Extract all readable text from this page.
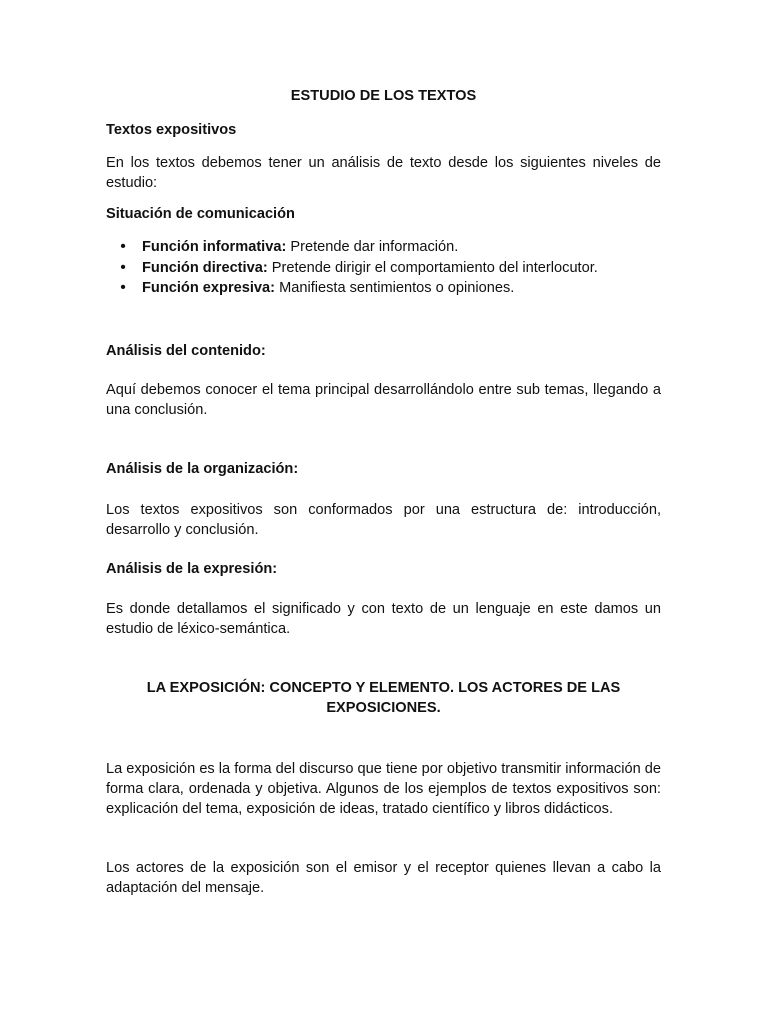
ESTUDIO DE LOS TEXTOS

Textos expositivos

En los textos debemos tener un análisis de texto desde los siguientes niveles de estudio:

Situación de comunicación

• Función informativa: Pretende dar información.
• Función directiva: Pretende dirigir el comportamiento del interlocutor.
• Función expresiva: Manifiesta sentimientos o opiniones.

Análisis del contenido:

Aquí debemos conocer el tema principal desarrollándolo entre sub temas, llegando a una conclusión.

Análisis de la organización:

Los textos expositivos son conformados por una estructura de: introducción, desarrollo y conclusión.

Análisis de la expresión:

Es donde detallamos el significado y con texto de un lenguaje en este damos un estudio de léxico-semántica.

LA EXPOSICIÓN: CONCEPTO Y ELEMENTO. LOS ACTORES DE LAS EXPOSICIONES.

La exposición es la forma del discurso que tiene por objetivo transmitir información de forma clara, ordenada y objetiva. Algunos de los ejemplos de textos expositivos son: explicación del tema, exposición de ideas, tratado científico y libros didácticos.

Los actores de la exposición son el emisor y el receptor quienes llevan a cabo la adaptación del mensaje.
